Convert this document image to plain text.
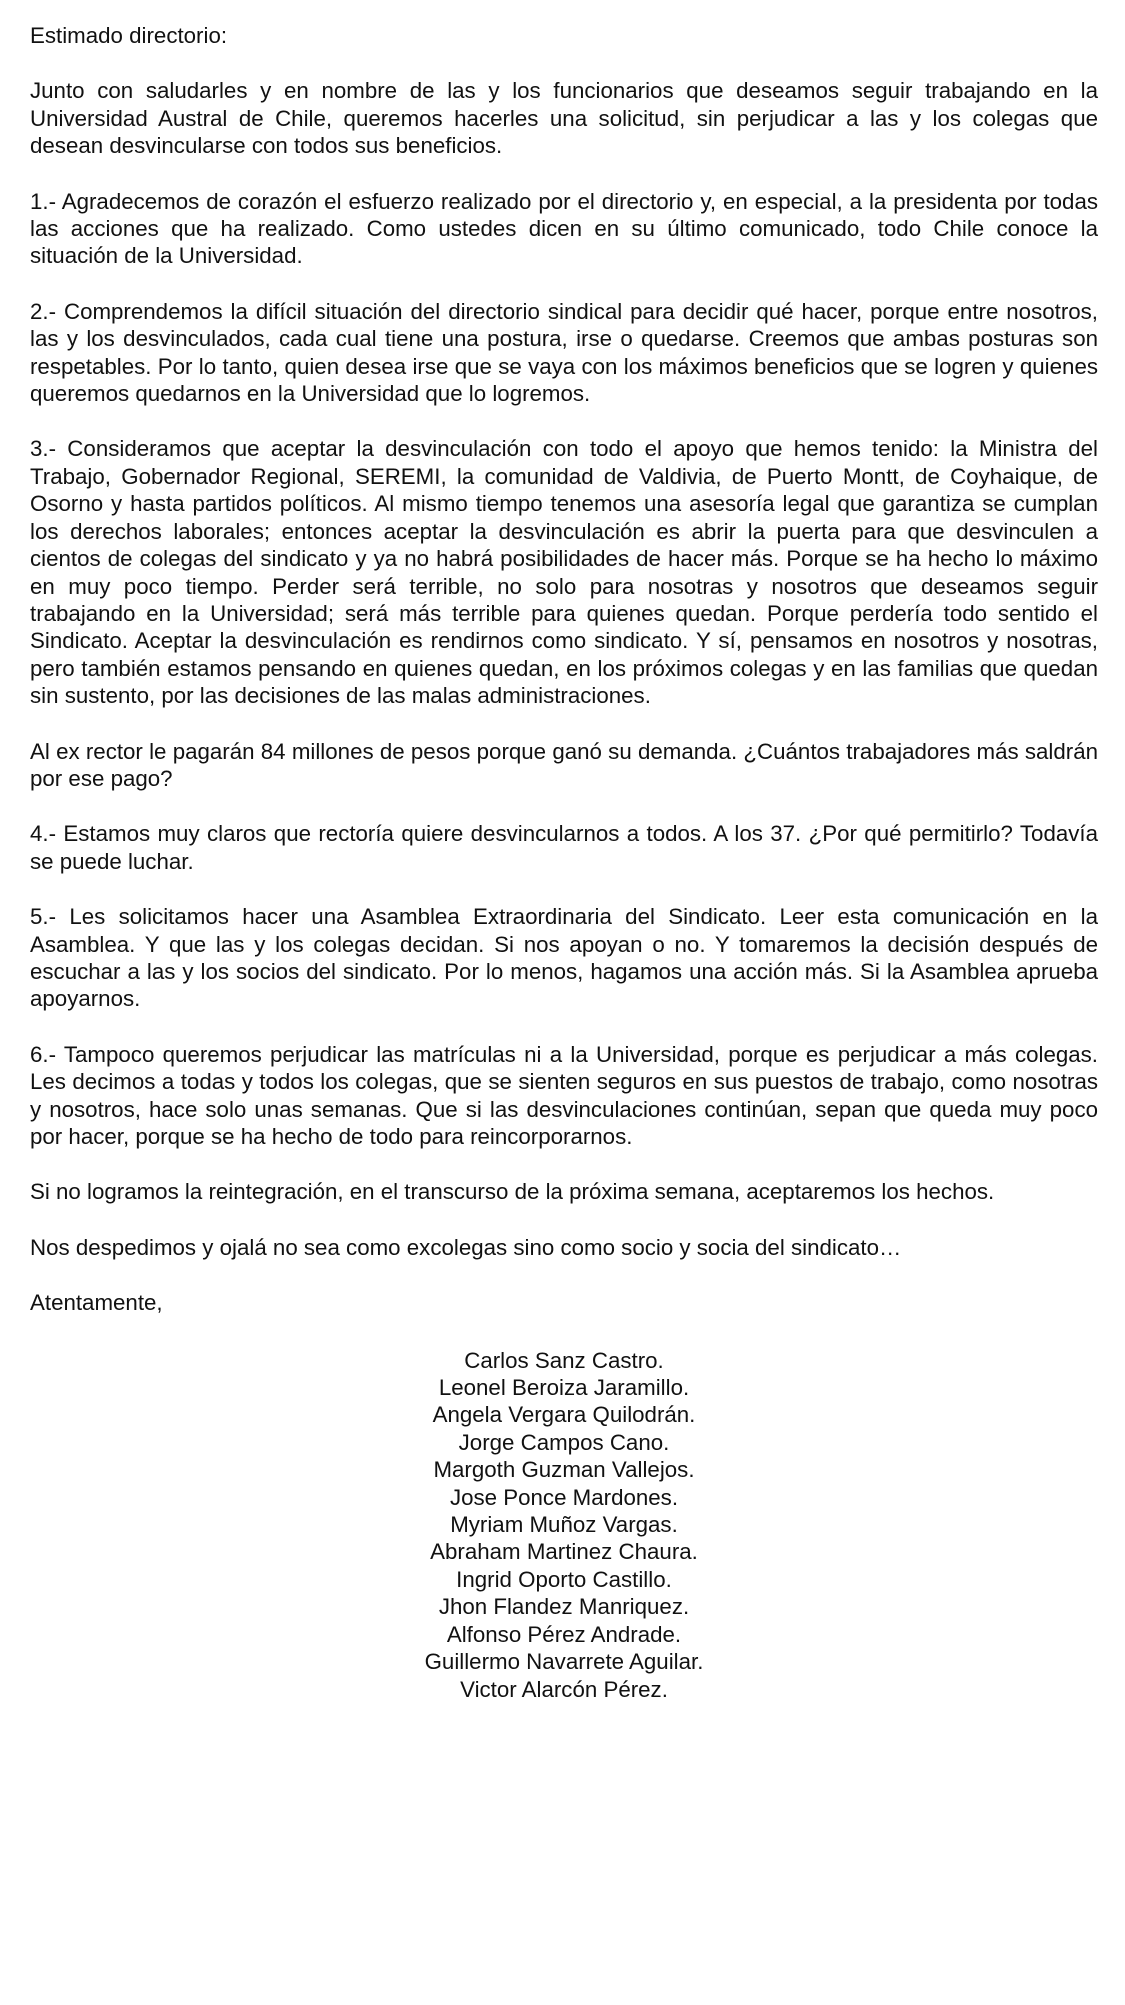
Estimado directorio:

Junto con saludarles y en nombre de las y los funcionarios que deseamos seguir trabajando en la Universidad Austral de Chile, queremos hacerles una solicitud, sin perjudicar a las y los colegas que desean desvincularse con todos sus beneficios.

1.- Agradecemos de corazón el esfuerzo realizado por el directorio y, en especial, a la presidenta por todas las acciones que ha realizado. Como ustedes dicen en su último comunicado, todo Chile conoce la situación de la Universidad.

2.- Comprendemos la difícil situación del directorio sindical para decidir qué hacer, porque entre nosotros, las y los desvinculados, cada cual tiene una postura, irse o quedarse. Creemos que ambas posturas son respetables. Por lo tanto, quien desea irse que se vaya con los máximos beneficios que se logren y quienes queremos quedarnos en la Universidad que lo logremos.

3.- Consideramos que aceptar la desvinculación con todo el apoyo que hemos tenido: la Ministra del Trabajo, Gobernador Regional, SEREMI, la comunidad de Valdivia, de Puerto Montt, de Coyhaique, de Osorno y hasta partidos políticos. Al mismo tiempo tenemos una asesoría legal que garantiza se cumplan los derechos laborales; entonces aceptar la desvinculación es abrir la puerta para que desvinculen a cientos de colegas del sindicato y ya no habrá posibilidades de hacer más. Porque se ha hecho lo máximo en muy poco tiempo. Perder será terrible, no solo para nosotras y nosotros que deseamos seguir trabajando en la Universidad; será más terrible para quienes quedan. Porque perdería todo sentido el Sindicato. Aceptar la desvinculación es rendirnos como sindicato. Y sí, pensamos en nosotros y nosotras, pero también estamos pensando en quienes quedan, en los próximos colegas y en las familias que quedan sin sustento, por las decisiones de las malas administraciones.

Al ex rector le pagarán 84 millones de pesos porque ganó su demanda. ¿Cuántos trabajadores más saldrán por ese pago?

4.- Estamos muy claros que rectoría quiere desvincularnos a todos. A los 37. ¿Por qué permitirlo? Todavía se puede luchar.

5.- Les solicitamos hacer una Asamblea Extraordinaria del Sindicato. Leer esta comunicación en la Asamblea. Y que las y los colegas decidan. Si nos apoyan o no. Y tomaremos la decisión después de escuchar a las y los socios del sindicato. Por lo menos, hagamos una acción más. Si la Asamblea aprueba apoyarnos.

6.- Tampoco queremos perjudicar las matrículas ni a la Universidad, porque es perjudicar a más colegas. Les decimos a todas y todos los colegas, que se sienten seguros en sus puestos de trabajo, como nosotras y nosotros, hace solo unas semanas. Que si las desvinculaciones continúan, sepan que queda muy poco por hacer, porque se ha hecho de todo para reincorporarnos.

Si no logramos la reintegración, en el transcurso de la próxima semana, aceptaremos los hechos.

Nos despedimos y ojalá no sea como excolegas sino como socio y socia del sindicato…

Atentamente,

Carlos Sanz Castro.
Leonel Beroiza Jaramillo.
Angela Vergara Quilodrán.
Jorge Campos Cano.
Margoth Guzman Vallejos.
Jose Ponce Mardones.
Myriam Muñoz Vargas.
Abraham Martinez Chaura.
Ingrid Oporto Castillo.
Jhon Flandez Manriquez.
Alfonso Pérez Andrade.
Guillermo Navarrete Aguilar.
Victor Alarcón Pérez.
